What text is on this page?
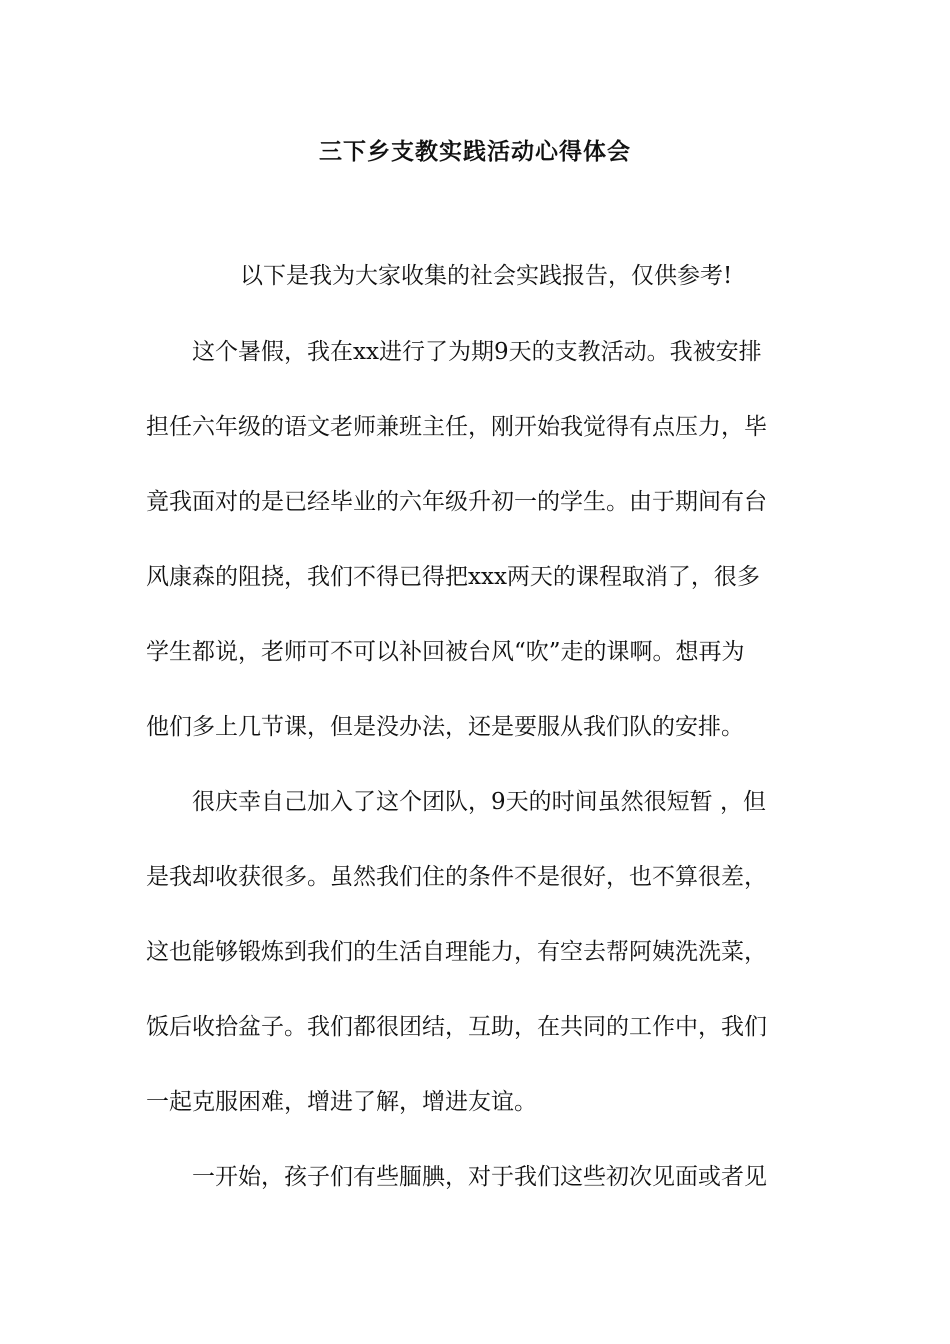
三下乡支教实践活动心得体会

以下是我为大家收集的社会实践报告，仅供参考!

这个暑假，我在xx进行了为期9天的支教活动。我被安排

担任六年级的语文老师兼班主任，刚开始我觉得有点压力，毕

竟我面对的是已经毕业的六年级升初一的学生。由于期间有台

风康森的阻挠，我们不得已得把xxx两天的课程取消了，很多

学生都说，老师可不可以补回被台风“吹”走的课啊。想再为

他们多上几节课，但是没办法，还是要服从我们队的安排。

很庆幸自己加入了这个团队，9天的时间虽然很短暂 ，但

是我却收获很多。虽然我们住的条件不是很好，也不算很差，

这也能够锻炼到我们的生活自理能力，有空去帮阿姨洗洗菜，

饭后收拾盆子。我们都很团结，互助，在共同的工作中，我们

一起克服困难，增进了解，增进友谊。

一开始，孩子们有些腼腆，对于我们这些初次见面或者见
